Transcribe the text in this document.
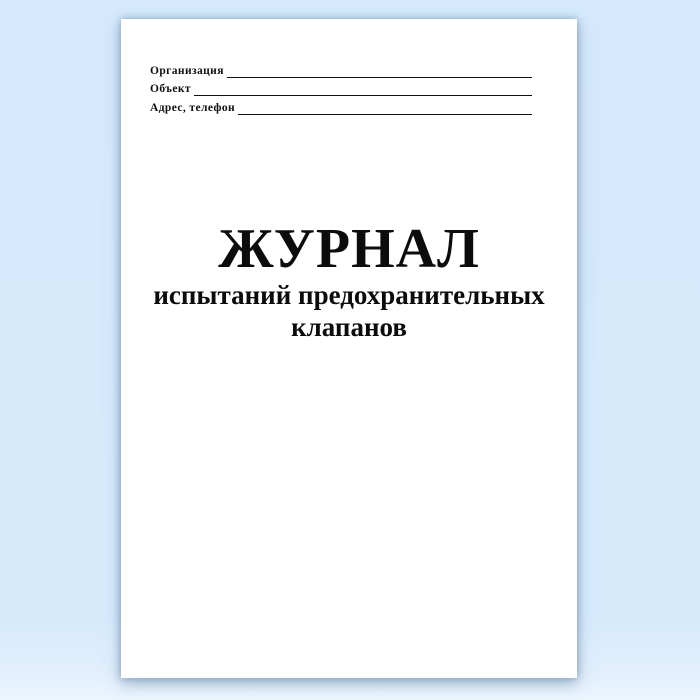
Организация
Объект
Адрес, телефон
ЖУРНАЛ
испытаний предохранительных
клапанов
